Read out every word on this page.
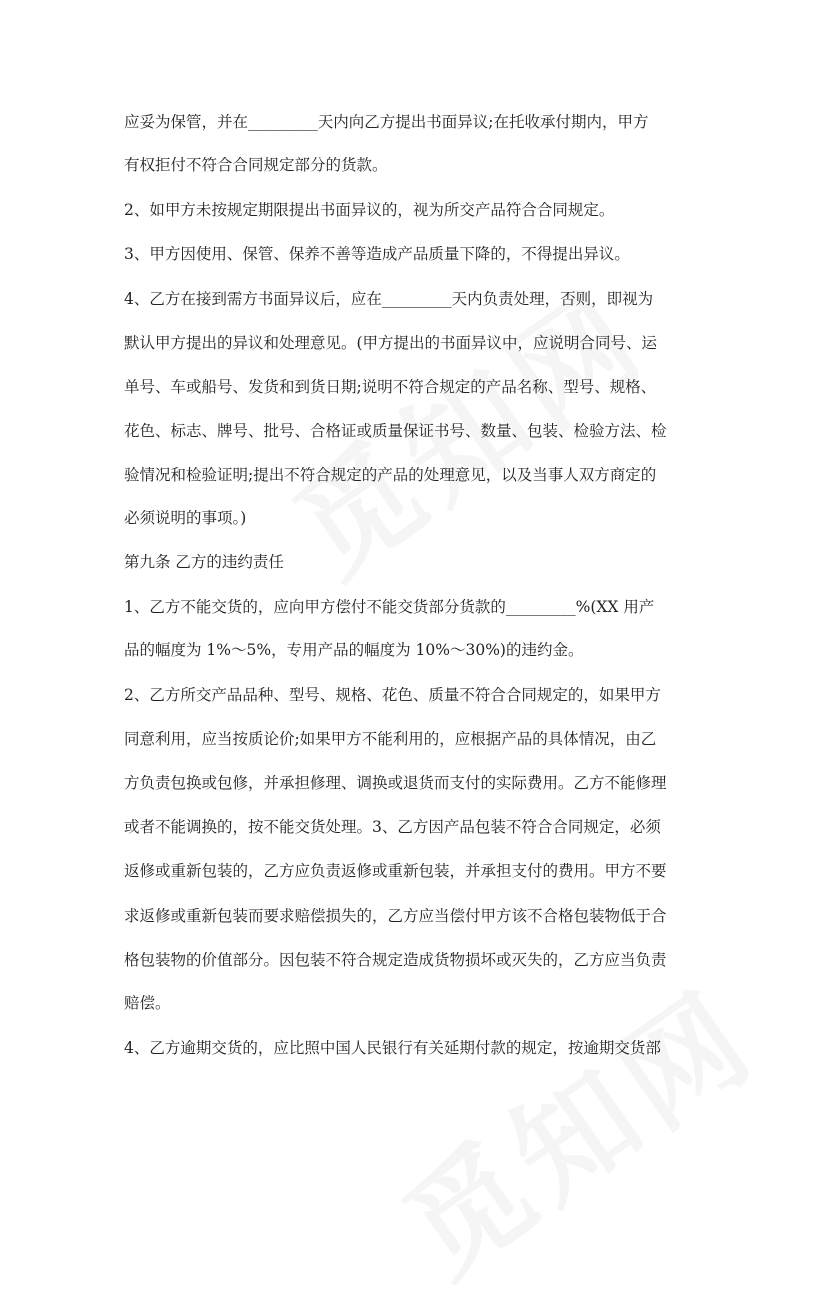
应妥为保管，并在_________天内向乙方提出书面异议;在托收承付期内，甲方
有权拒付不符合合同规定部分的货款。
2、如甲方未按规定期限提出书面异议的，视为所交产品符合合同规定。
3、甲方因使用、保管、保养不善等造成产品质量下降的，不得提出异议。
4、乙方在接到需方书面异议后，应在_________天内负责处理，否则，即视为
默认甲方提出的异议和处理意见。(甲方提出的书面异议中，应说明合同号、运
单号、车或船号、发货和到货日期;说明不符合规定的产品名称、型号、规格、
花色、标志、牌号、批号、合格证或质量保证书号、数量、包装、检验方法、检
验情况和检验证明;提出不符合规定的产品的处理意见，以及当事人双方商定的
必须说明的事项。)
第九条 乙方的违约责任
1、乙方不能交货的，应向甲方偿付不能交货部分货款的_________%(XX 用产
品的幅度为 1%～5%，专用产品的幅度为 10%～30%)的违约金。
2、乙方所交产品品种、型号、规格、花色、质量不符合合同规定的，如果甲方
同意利用，应当按质论价;如果甲方不能利用的，应根据产品的具体情况，由乙
方负责包换或包修，并承担修理、调换或退货而支付的实际费用。乙方不能修理
或者不能调换的，按不能交货处理。3、乙方因产品包装不符合合同规定，必须
返修或重新包装的，乙方应负责返修或重新包装，并承担支付的费用。甲方不要
求返修或重新包装而要求赔偿损失的，乙方应当偿付甲方该不合格包装物低于合
格包装物的价值部分。因包装不符合规定造成货物损坏或灭失的，乙方应当负责
赔偿。
4、乙方逾期交货的，应比照中国人民银行有关延期付款的规定，按逾期交货部
